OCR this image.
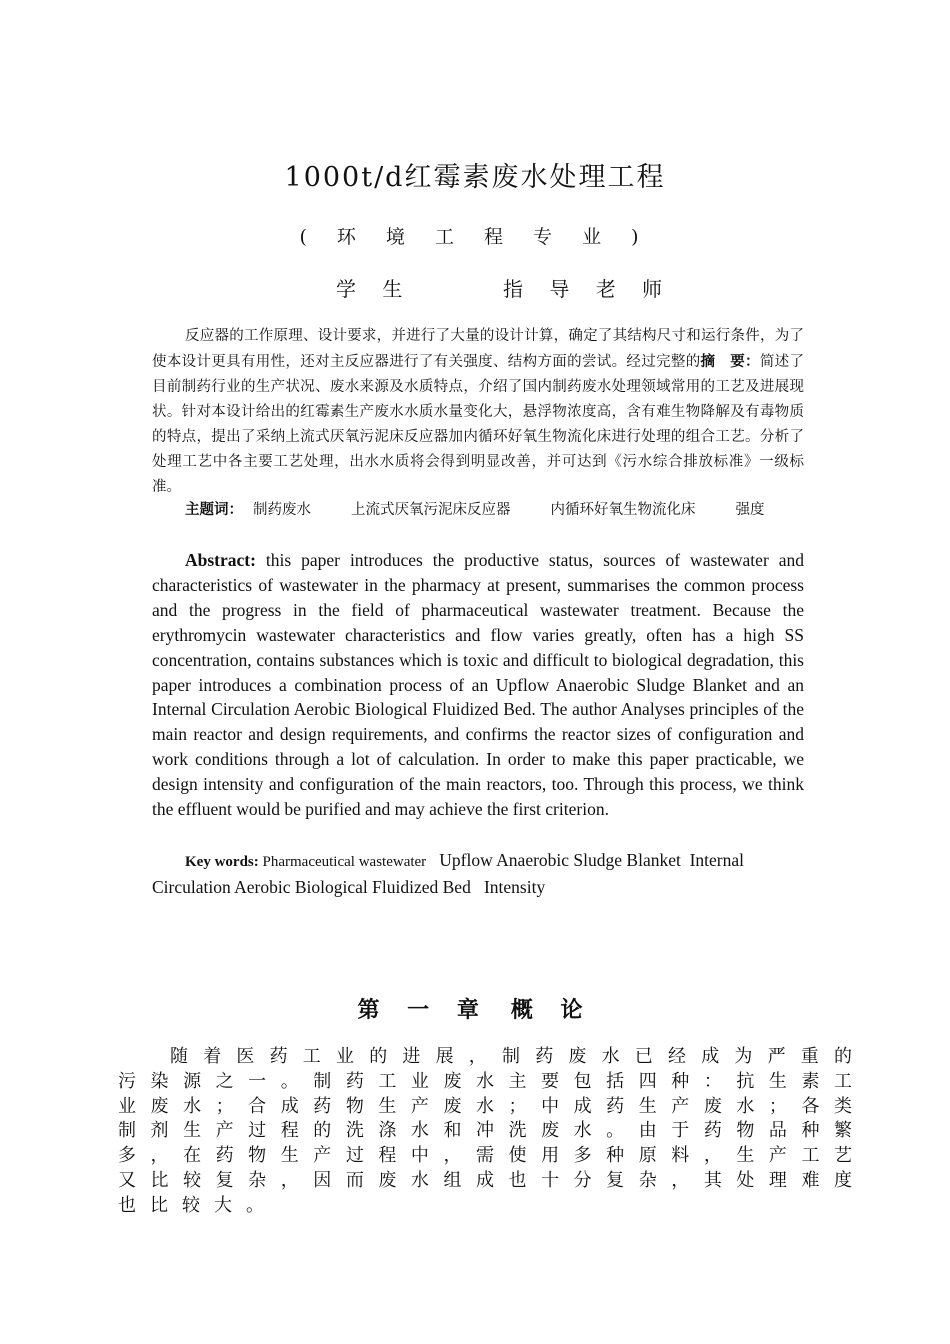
1000t/d红霉素废水处理工程
( 环 境 工 程 专 业 )
学 生	指 导 老 师

反应器的工作原理、设计要求，并进行了大量的设计计算，确定了其结构尺寸和运行条件，为了使本设计更具有用性，还对主反应器进行了有关强度、结构方面的尝试。经过完整的摘　要：简述了目前制药行业的生产状况、废水来源及水质特点，介绍了国内制药废水处理领域常用的工艺及进展现状。针对本设计给出的红霉素生产废水水质水量变化大，悬浮物浓度高，含有难生物降解及有毒物质的特点，提出了采纳上流式厌氧污泥床反应器加内循环好氧生物流化床进行处理的组合工艺。分析了处理工艺中各主要工艺处理，出水水质将会得到明显改善，并可达到《污水综合排放标准》一级标准。

主题词： 制药废水	上流式厌氧污泥床反应器	内循环好氧生物流化床	强度

Abstract: this paper introduces the productive status, sources of wastewater and characteristics of wastewater in the pharmacy at present, summarises the common process and the progress in the field of pharmaceutical wastewater treatment. Because the erythromycin wastewater characteristics and flow varies greatly, often has a high SS concentration, contains substances which is toxic and difficult to biological degradation, this paper introduces a combination process of an Upflow Anaerobic Sludge Blanket and an Internal Circulation Aerobic Biological Fluidized Bed. The author Analyses principles of the main reactor and design requirements, and confirms the reactor sizes of configuration and work conditions through a lot of calculation. In order to make this paper practicable, we design intensity and configuration of the main reactors, too. Through this process, we think the effluent would be purified and may achieve the first criterion.

Key words: Pharmaceutical wastewater   Upflow Anaerobic Sludge Blanket  Internal Circulation Aerobic Biological Fluidized Bed   Intensity
第 一 章 概 论

随着医药工业的进展，制药废水已经成为严重的污染源之一。制药工业废水主要包括四种：抗生素工业废水；合成药物生产废水；中成药生产废水；各类制剂生产过程的洗涤水和冲洗废水。由于药物品种繁多，在药物生产过程中，需使用多种原料，生产工艺又比较复杂，因而废水组成也十分复杂，其处理难度也比较大。
